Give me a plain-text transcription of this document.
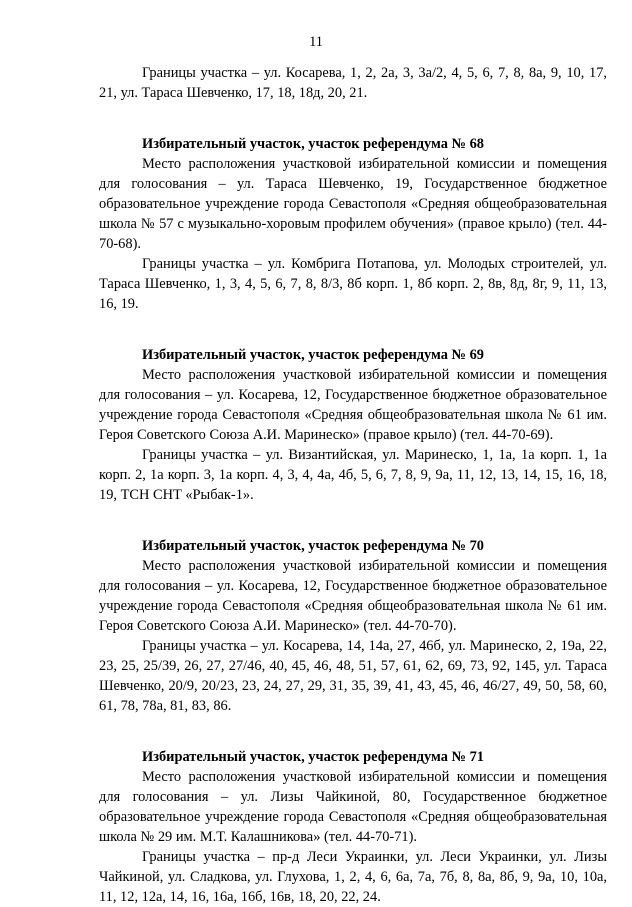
11

Границы участка – ул. Косарева, 1, 2, 2а, 3, 3а/2, 4, 5, 6, 7, 8, 8а, 9, 10, 17, 21, ул. Тараса Шевченко, 17, 18, 18д, 20, 21.

Избирательный участок, участок референдума № 68

Место расположения участковой избирательной комиссии и помещения для голосования – ул. Тараса Шевченко, 19, Государственное бюджетное образовательное учреждение города Севастополя «Средняя общеобразовательная школа № 57 с музыкально-хоровым профилем обучения» (правое крыло) (тел. 44-70-68).

Границы участка – ул. Комбрига Потапова, ул. Молодых строителей, ул. Тараса Шевченко, 1, 3, 4, 5, 6, 7, 8, 8/3, 8б корп. 1, 8б корп. 2, 8в, 8д, 8г, 9, 11, 13, 16, 19.

Избирательный участок, участок референдума № 69

Место расположения участковой избирательной комиссии и помещения для голосования – ул. Косарева, 12, Государственное бюджетное образовательное учреждение города Севастополя «Средняя общеобразовательная школа № 61 им. Героя Советского Союза А.И. Маринеско» (правое крыло) (тел. 44-70-69).

Границы участка – ул. Византийская, ул. Маринеско, 1, 1а, 1а корп. 1, 1а корп. 2, 1а корп. 3, 1а корп. 4, 3, 4, 4а, 4б, 5, 6, 7, 8, 9, 9а, 11, 12, 13, 14, 15, 16, 18, 19, ТСН СНТ «Рыбак-1».

Избирательный участок, участок референдума № 70

Место расположения участковой избирательной комиссии и помещения для голосования – ул. Косарева, 12, Государственное бюджетное образовательное учреждение города Севастополя «Средняя общеобразовательная школа № 61 им. Героя Советского Союза А.И. Маринеско» (тел. 44-70-70).

Границы участка – ул. Косарева, 14, 14а, 27, 46б, ул. Маринеско, 2, 19а, 22, 23, 25, 25/39, 26, 27, 27/46, 40, 45, 46, 48, 51, 57, 61, 62, 69, 73, 92, 145, ул. Тараса Шевченко, 20/9, 20/23, 23, 24, 27, 29, 31, 35, 39, 41, 43, 45, 46, 46/27, 49, 50, 58, 60, 61, 78, 78а, 81, 83, 86.

Избирательный участок, участок референдума № 71

Место расположения участковой избирательной комиссии и помещения для голосования – ул. Лизы Чайкиной, 80, Государственное бюджетное образовательное учреждение города Севастополя «Средняя общеобразовательная школа № 29 им. М.Т. Калашникова» (тел. 44-70-71).

Границы участка – пр-д Леси Украинки, ул. Леси Украинки, ул. Лизы Чайкиной, ул. Сладкова, ул. Глухова, 1, 2, 4, 6, 6а, 7а, 7б, 8, 8а, 8б, 9, 9а, 10, 10а, 11, 12, 12а, 14, 16, 16а, 16б, 16в, 18, 20, 22, 24.
